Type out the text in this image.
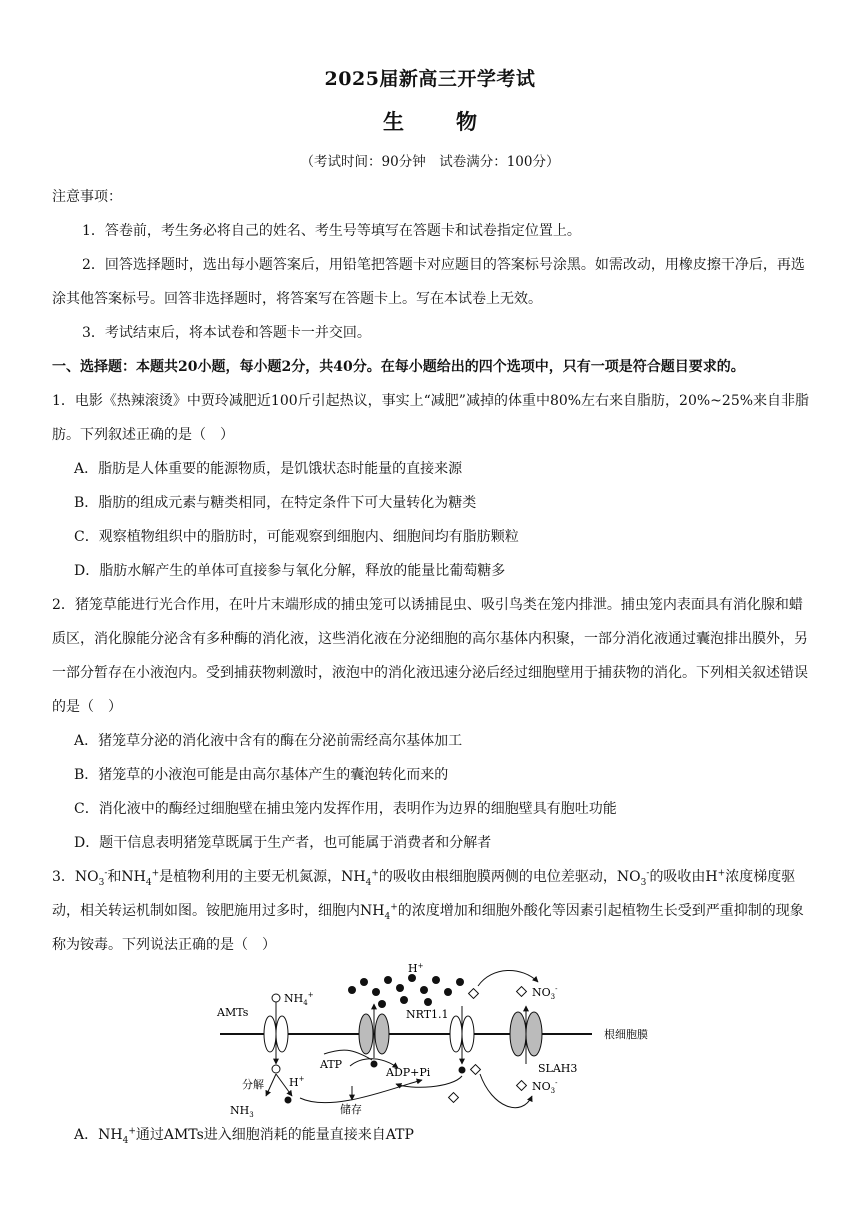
2025届新高三开学考试
生物
（考试时间：90分钟　试卷满分：100分）

注意事项：

1．答卷前，考生务必将自己的姓名、考生号等填写在答题卡和试卷指定位置上。

2．回答选择题时，选出每小题答案后，用铅笔把答题卡对应题目的答案标号涂黑。如需改动，用橡皮擦干净后，再选涂其他答案标号。回答非选择题时，将答案写在答题卡上。写在本试卷上无效。

3．考试结束后，将本试卷和答题卡一并交回。

一、选择题：本题共20小题，每小题2分，共40分。在每小题给出的四个选项中，只有一项是符合题目要求的。

1．电影《热辣滚烫》中贾玲减肥近100斤引起热议，事实上“减肥”减掉的体重中80%左右来自脂肪，20%~25%来自非脂肪。下列叙述正确的是（　）

A．脂肪是人体重要的能源物质，是饥饿状态时能量的直接来源

B．脂肪的组成元素与糖类相同，在特定条件下可大量转化为糖类

C．观察植物组织中的脂肪时，可能观察到细胞内、细胞间均有脂肪颗粒

D．脂肪水解产生的单体可直接参与氧化分解，释放的能量比葡萄糖多

2．猪笼草能进行光合作用，在叶片末端形成的捕虫笼可以诱捕昆虫、吸引鸟类在笼内排泄。捕虫笼内表面具有消化腺和蜡质区，消化腺能分泌含有多种酶的消化液，这些消化液在分泌细胞的高尔基体内积聚，一部分消化液通过囊泡排出膜外，另一部分暂存在小液泡内。受到捕获物刺激时，液泡中的消化液迅速分泌后经过细胞壁用于捕获物的消化。下列相关叙述错误的是（　）

A．猪笼草分泌的消化液中含有的酶在分泌前需经高尔基体加工

B．猪笼草的小液泡可能是由高尔基体产生的囊泡转化而来的

C．消化液中的酶经过细胞壁在捕虫笼内发挥作用，表明作为边界的细胞壁具有胞吐功能

D．题干信息表明猪笼草既属于生产者，也可能属于消费者和分解者

3．$NO_3^-$和$NH_4^+$是植物利用的主要无机氮源，$NH_4^+$的吸收由根细胞膜两侧的电位差驱动，$NO_3^-$的吸收由H+浓度梯度驱动，相关转运机制如图。铵肥施用过多时，细胞内$NH_4^+$的浓度增加和细胞外酸化等因素引起植物生长受到严重抑制的现象称为铵毒。下列说法正确的是（　）

根细胞膜
AMTs
$NH_4^+$
分解 H+
$NH_3$	储存
ATP
ADP+Pi
H+
NRT1.1
SLAH3
$NO_3^-$
$NO_3^-$

A．$NH_4^+$通过AMTs进入细胞消耗的能量直接来自ATP
